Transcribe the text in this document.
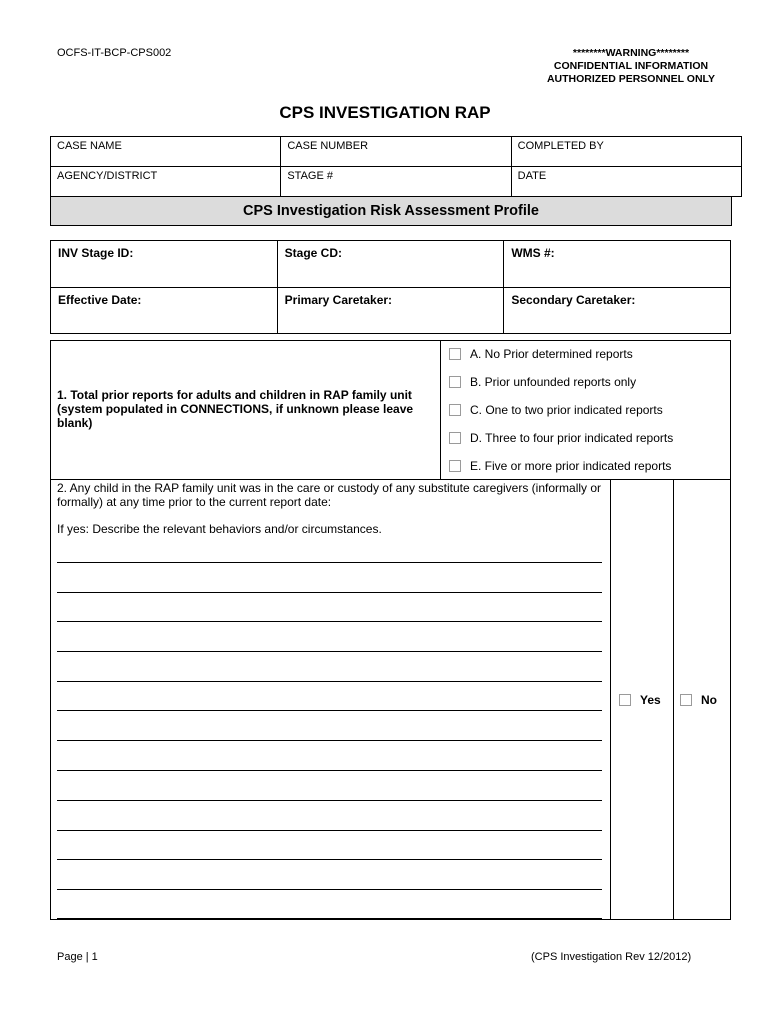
OCFS-IT-BCP-CPS002	********WARNING********
CONFIDENTIAL INFORMATION
AUTHORIZED PERSONNEL ONLY
CPS INVESTIGATION RAP
CASE NAME	CASE NUMBER	COMPLETED BY
AGENCY/DISTRICT	STAGE #	DATE
CPS Investigation Risk Assessment Profile
INV Stage ID:	Stage CD:	WMS #:
Effective Date:	Primary Caretaker:	Secondary Caretaker:
1. Total prior reports for adults and children in RAP family unit (system populated in CONNECTIONS, if unknown please leave blank)
A. No Prior determined reports
B. Prior unfounded reports only
C. One to two prior indicated reports
D. Three to four prior indicated reports
E. Five or more prior indicated reports
2. Any child in the RAP family unit was in the care or custody of any substitute caregivers (informally or formally) at any time prior to the current report date:
If yes: Describe the relevant behaviors and/or circumstances.
Yes	No
Page | 1	(CPS Investigation Rev 12/2012)
